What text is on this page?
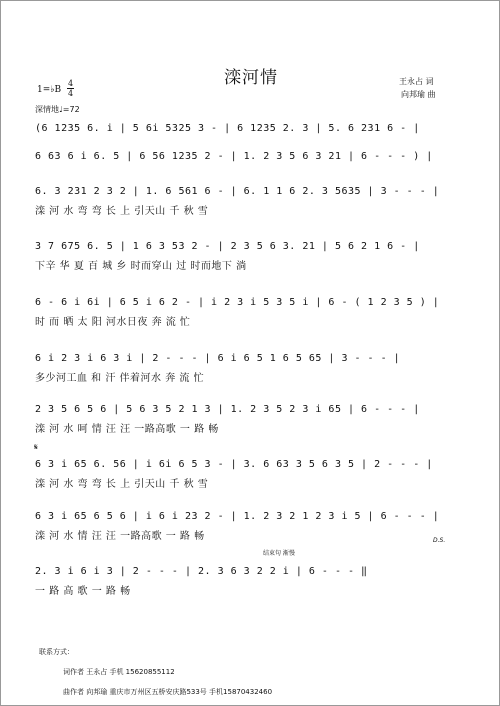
滦河情	王永占 词
向邦瑜 曲
1=♭B
4
4
深情地♩=72
(6 1235 6. i | 5 6i 5325 3 - | 6 1235 2. 3 | 5. 6 231 6 - |
6 63 6 i 6. 5 | 6 56 1235 2 - | 1. 2 3 5 6 3 21 | 6 - - - ) |
6. 3 231 2 3 2 | 1. 6 561 6 - | 6. 1 1 6 2. 3 5635 | 3 - - - |
滦 河 水 弯 弯 长 上 引天山 千 秋 雪
3 7 675 6. 5 | 1 6 3 53 2 - | 2 3 5 6 3. 21 | 5 6 2 1 6 - |
下辛 华 夏 百 城 乡 时而穿山 过 时而地下 淌
6 - 6 i 6i | 6 5 i 6 2 - | i 2 3 i 5 3 5 i | 6 - ( 1 2 3 5 ) |
时 而 晒 太 阳 河水日夜 奔 流 忙
6 i 2 3 i 6 3 i | 2 - - - | 6 i 6 5 1 6 5 65 | 3 - - - |
多少河工血 和 汗 伴着河水 奔 流 忙
2 3 5 6 5 6 | 5 6 3 5 2 1 3 | 1. 2 3 5 2 3 i 65 | 6 - - - |
滦 河 水 呵 情 汪 汪 一路高歌 一 路 畅
𝄋
6 3 i 65 6. 56 | i 6i 6 5 3 - | 3. 6 63 3 5 6 3 5 | 2 - - - |
滦 河 水 弯 弯 长 上 引天山 千 秋 雪
6 3 i 65 6 5 6 | i 6 i 23 2 - | 1. 2 3 2 1 2 3 i 5 | 6 - - - |
滦 河 水 情 汪 汪 一路高歌 一 路 畅	D.S.
结束句 渐慢
2. 3 i 6 i 3 | 2 - - - | 2. 3 6 3 2 2 i | 6 - - - ‖
一 路 高 歌 一 路 畅
联系方式：
词作者 王永占 手机 15620855112
曲作者 向邦瑜 重庆市万州区五桥安庆路533号 手机15870432460
